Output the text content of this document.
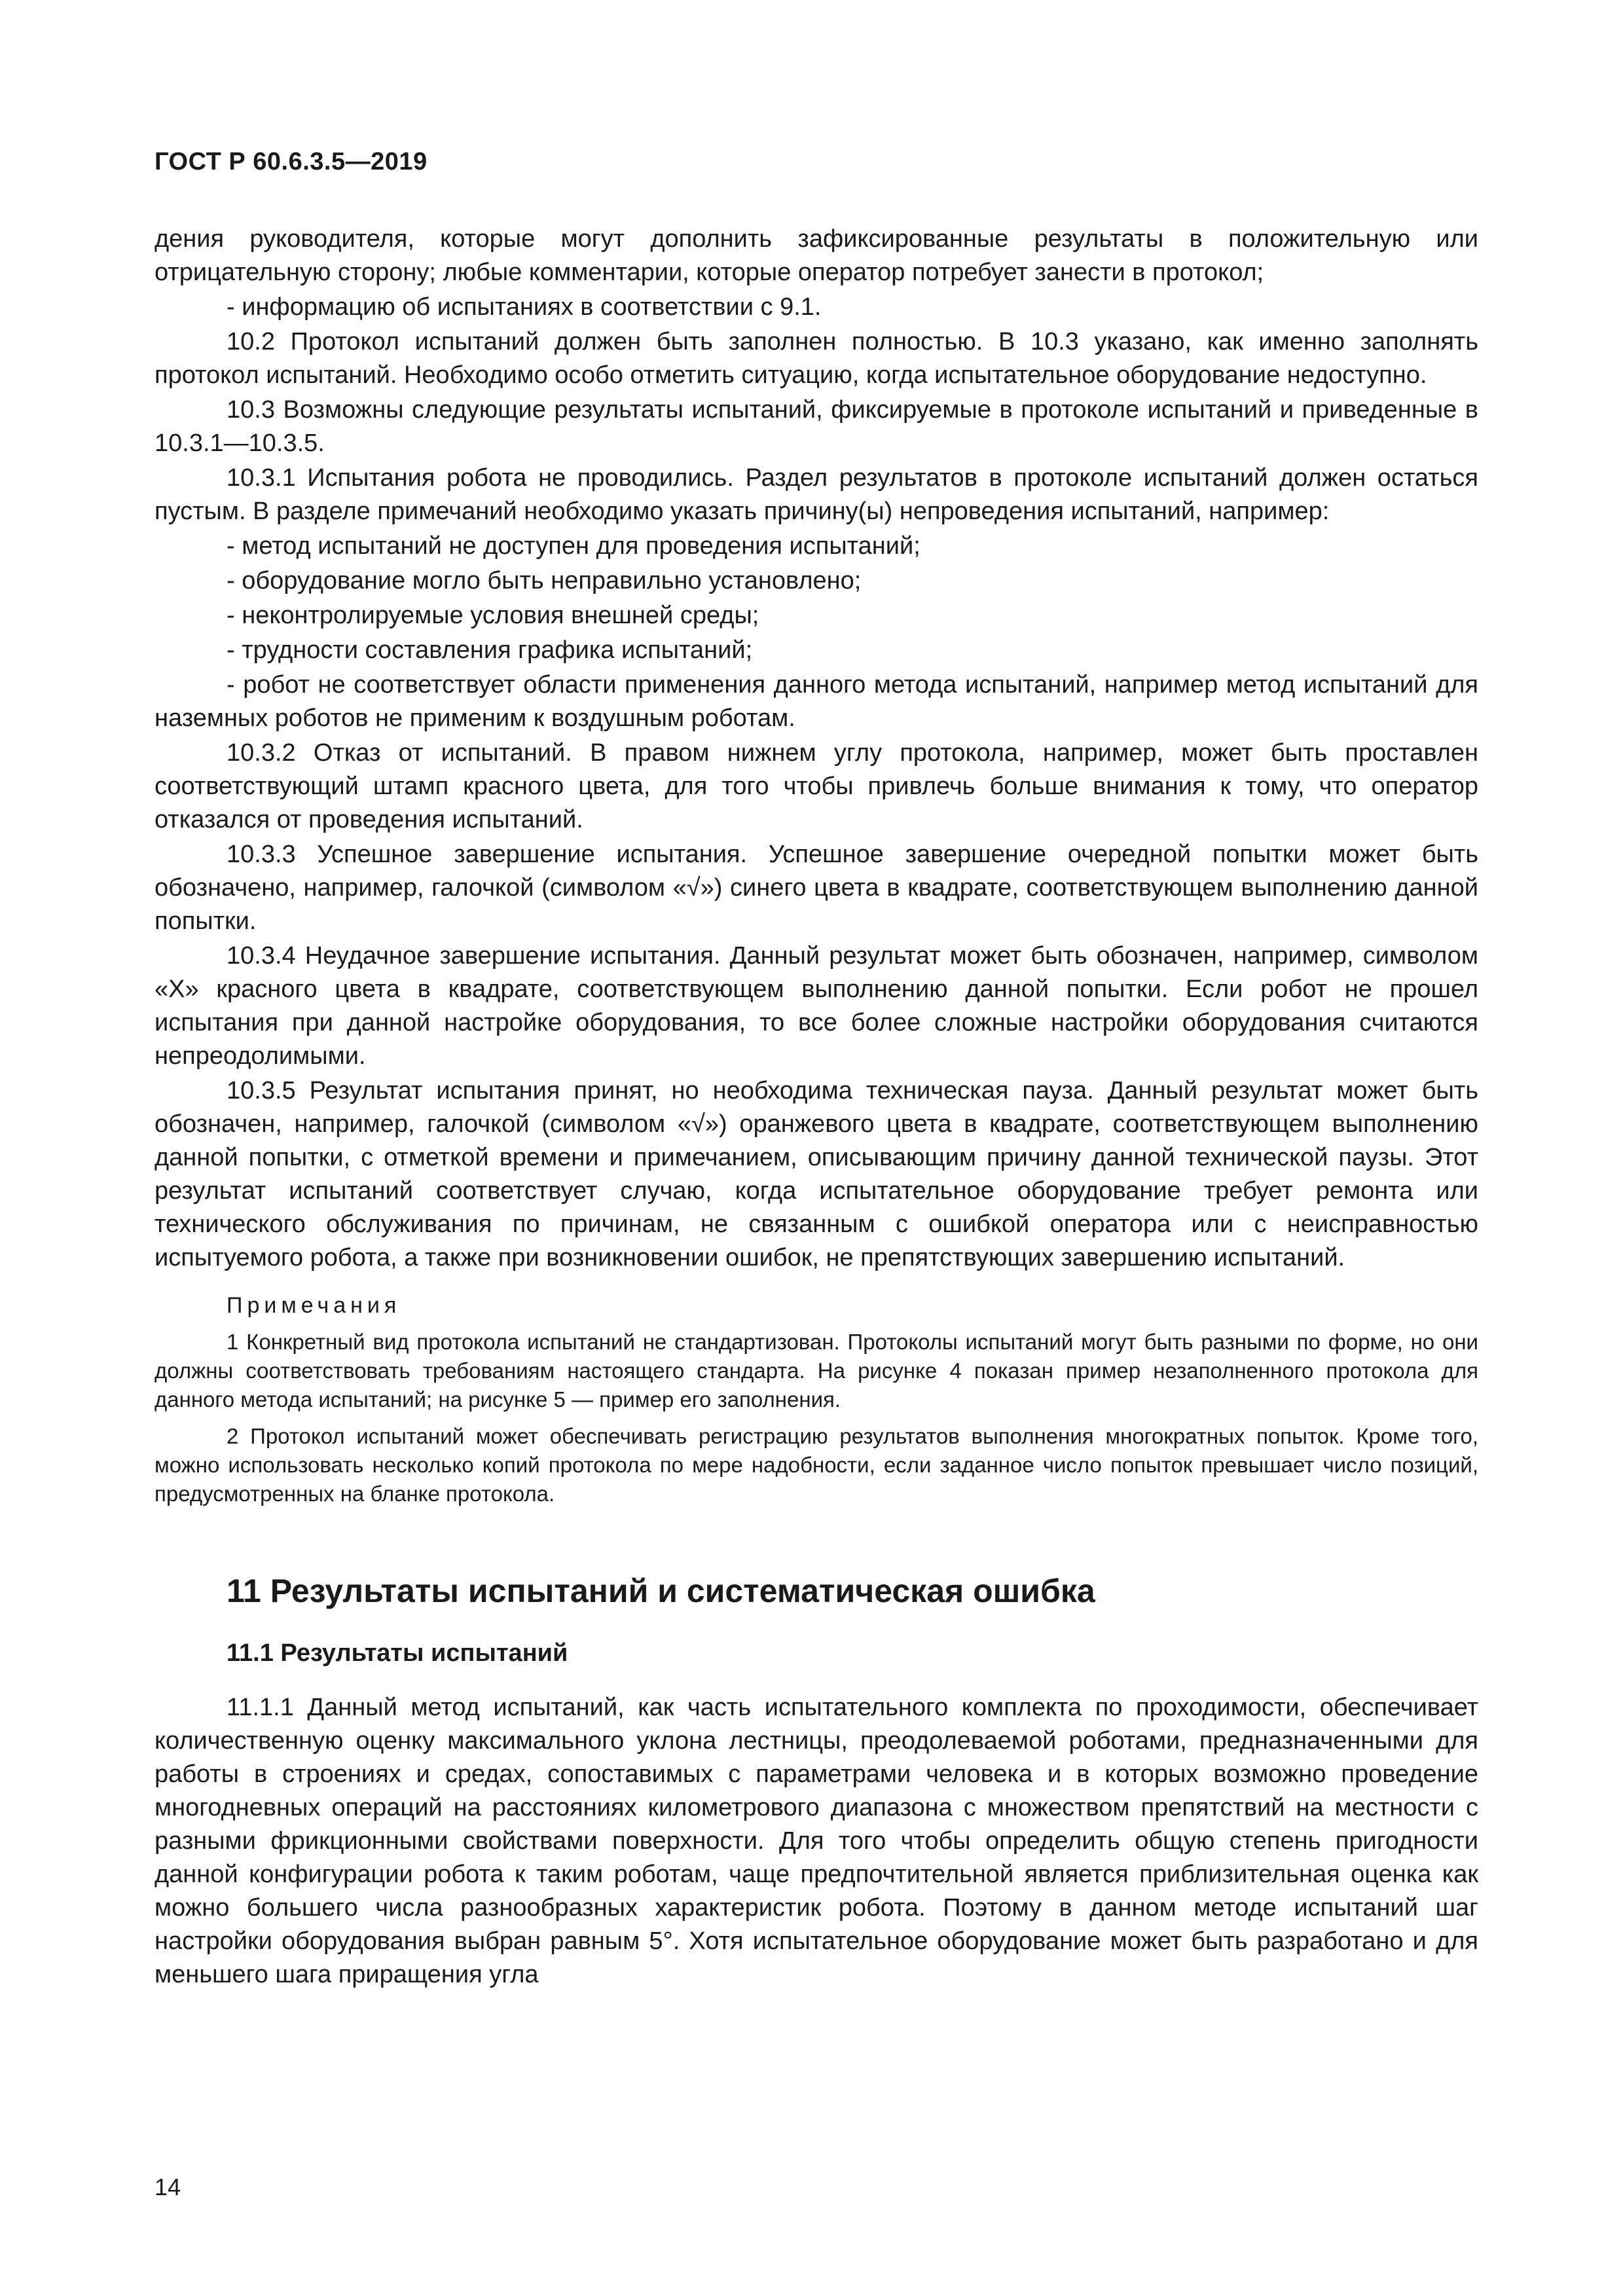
ГОСТ Р 60.6.3.5—2019

дения руководителя, которые могут дополнить зафиксированные результаты в положительную или отрицательную сторону; любые комментарии, которые оператор потребует занести в протокол;

- информацию об испытаниях в соответствии с 9.1.

10.2 Протокол испытаний должен быть заполнен полностью. В 10.3 указано, как именно заполнять протокол испытаний. Необходимо особо отметить ситуацию, когда испытательное оборудование недоступно.

10.3 Возможны следующие результаты испытаний, фиксируемые в протоколе испытаний и приведенные в 10.3.1—10.3.5.

10.3.1 Испытания робота не проводились. Раздел результатов в протоколе испытаний должен остаться пустым. В разделе примечаний необходимо указать причину(ы) непроведения испытаний, например:

- метод испытаний не доступен для проведения испытаний;

- оборудование могло быть неправильно установлено;

- неконтролируемые условия внешней среды;

- трудности составления графика испытаний;

- робот не соответствует области применения данного метода испытаний, например метод испытаний для наземных роботов не применим к воздушным роботам.

10.3.2 Отказ от испытаний. В правом нижнем углу протокола, например, может быть проставлен соответствующий штамп красного цвета, для того чтобы привлечь больше внимания к тому, что оператор отказался от проведения испытаний.

10.3.3 Успешное завершение испытания. Успешное завершение очередной попытки может быть обозначено, например, галочкой (символом «√») синего цвета в квадрате, соответствующем выполнению данной попытки.

10.3.4 Неудачное завершение испытания. Данный результат может быть обозначен, например, символом «X» красного цвета в квадрате, соответствующем выполнению данной попытки. Если робот не прошел испытания при данной настройке оборудования, то все более сложные настройки оборудования считаются непреодолимыми.

10.3.5 Результат испытания принят, но необходима техническая пауза. Данный результат может быть обозначен, например, галочкой (символом «√») оранжевого цвета в квадрате, соответствующем выполнению данной попытки, с отметкой времени и примечанием, описывающим причину данной технической паузы. Этот результат испытаний соответствует случаю, когда испытательное оборудование требует ремонта или технического обслуживания по причинам, не связанным с ошибкой оператора или с неисправностью испытуемого робота, а также при возникновении ошибок, не препятствующих завершению испытаний.

Примечания

1 Конкретный вид протокола испытаний не стандартизован. Протоколы испытаний могут быть разными по форме, но они должны соответствовать требованиям настоящего стандарта. На рисунке 4 показан пример незаполненного протокола для данного метода испытаний; на рисунке 5 — пример его заполнения.

2 Протокол испытаний может обеспечивать регистрацию результатов выполнения многократных попыток. Кроме того, можно использовать несколько копий протокола по мере надобности, если заданное число попыток превышает число позиций, предусмотренных на бланке протокола.

11 Результаты испытаний и систематическая ошибка

11.1 Результаты испытаний

11.1.1 Данный метод испытаний, как часть испытательного комплекта по проходимости, обеспечивает количественную оценку максимального уклона лестницы, преодолеваемой роботами, предназначенными для работы в строениях и средах, сопоставимых с параметрами человека и в которых возможно проведение многодневных операций на расстояниях километрового диапазона с множеством препятствий на местности с разными фрикционными свойствами поверхности. Для того чтобы определить общую степень пригодности данной конфигурации робота к таким роботам, чаще предпочтительной является приблизительная оценка как можно большего числа разнообразных характеристик робота. Поэтому в данном методе испытаний шаг настройки оборудования выбран равным 5°. Хотя испытательное оборудование может быть разработано и для меньшего шага приращения угла

14
